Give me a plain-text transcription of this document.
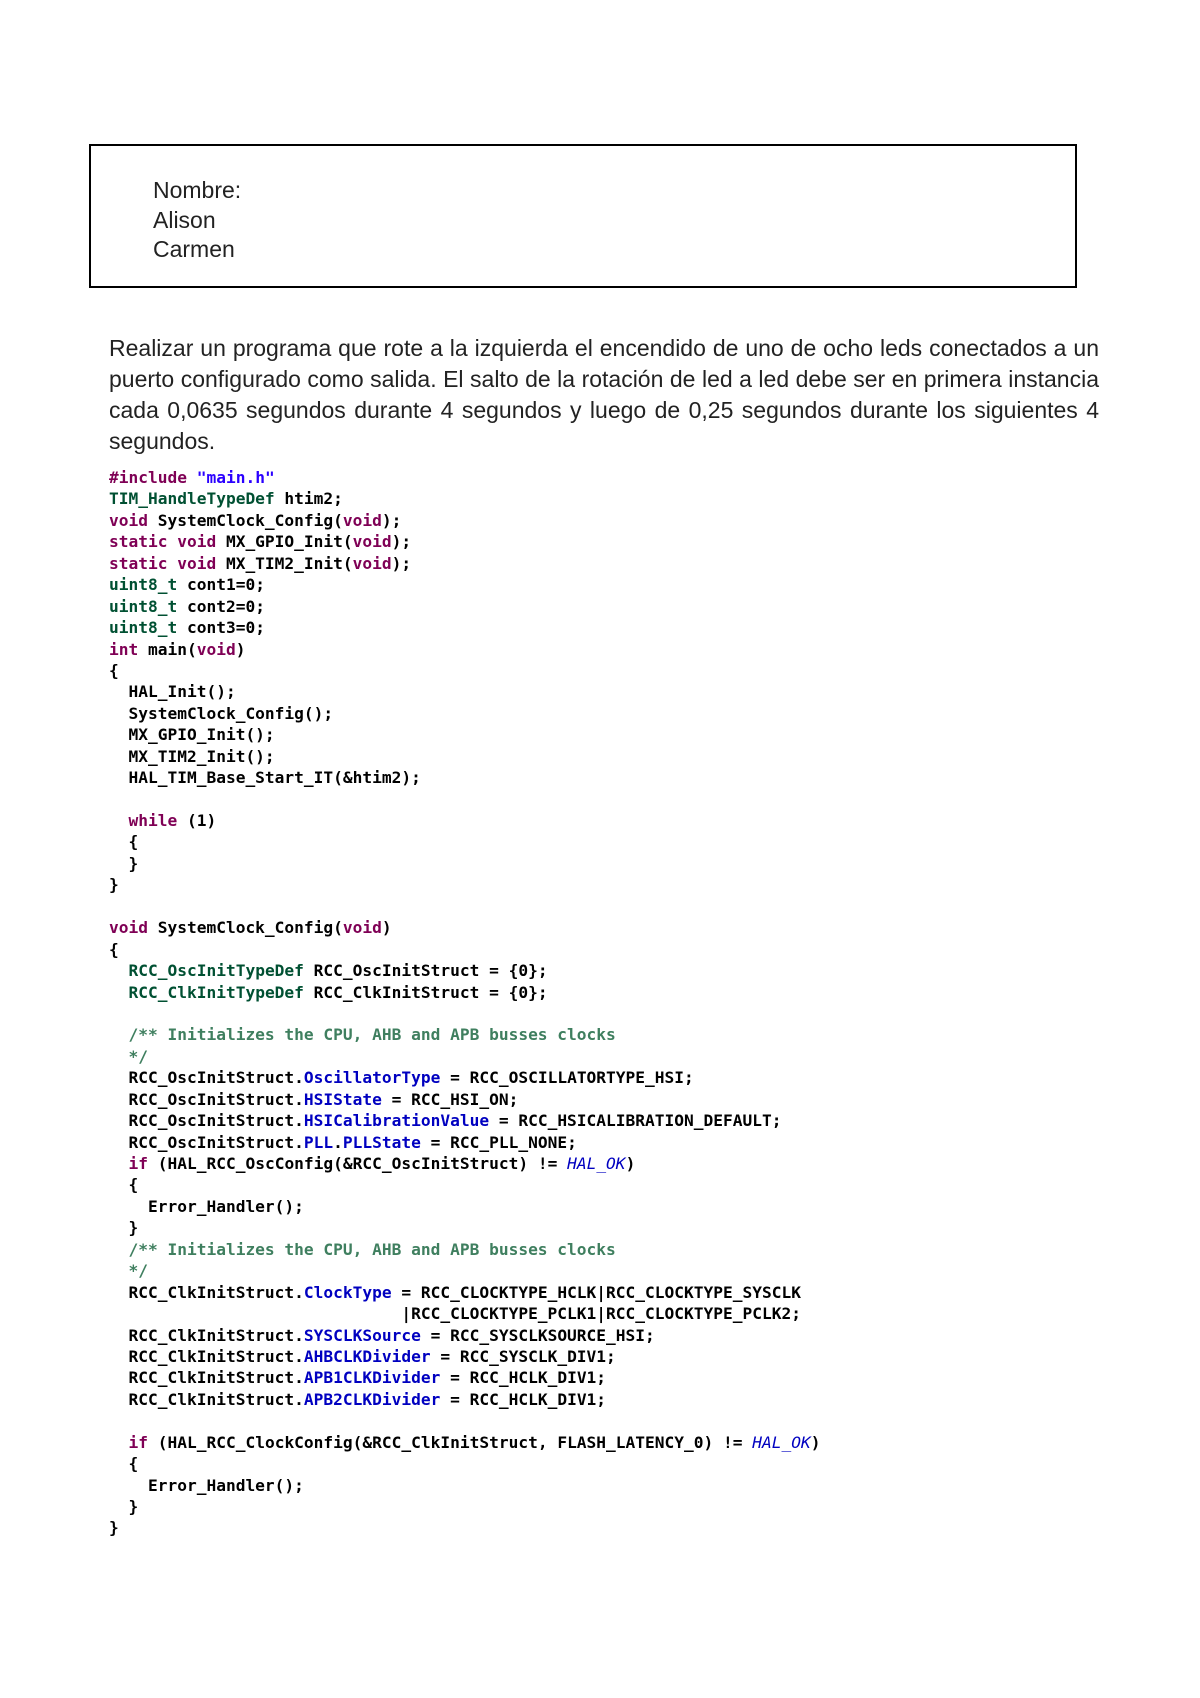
Nombre:
Alison
Carmen
Realizar un programa que rote a la izquierda el encendido de uno de ocho leds conectados a un puerto configurado como salida. El salto de la rotación de led a led debe ser en primera instancia cada 0,0635 segundos durante 4 segundos y luego de 0,25 segundos durante los siguientes 4 segundos.
#include "main.h"
TIM_HandleTypeDef htim2;
void SystemClock_Config(void);
static void MX_GPIO_Init(void);
static void MX_TIM2_Init(void);
uint8_t cont1=0;
uint8_t cont2=0;
uint8_t cont3=0;
int main(void)
{
HAL_Init();
SystemClock_Config();
MX_GPIO_Init();
MX_TIM2_Init();
HAL_TIM_Base_Start_IT(&htim2);

while (1)
{
}
}

void SystemClock_Config(void)
{
RCC_OscInitTypeDef RCC_OscInitStruct = {0};
RCC_ClkInitTypeDef RCC_ClkInitStruct = {0};

/** Initializes the CPU, AHB and APB busses clocks
*/
RCC_OscInitStruct.OscillatorType = RCC_OSCILLATORTYPE_HSI;
RCC_OscInitStruct.HSIState = RCC_HSI_ON;
RCC_OscInitStruct.HSICalibrationValue = RCC_HSICALIBRATION_DEFAULT;
RCC_OscInitStruct.PLL.PLLState = RCC_PLL_NONE;
if (HAL_RCC_OscConfig(&RCC_OscInitStruct) != HAL_OK)
{
Error_Handler();
}
/** Initializes the CPU, AHB and APB busses clocks
*/
RCC_ClkInitStruct.ClockType = RCC_CLOCKTYPE_HCLK|RCC_CLOCKTYPE_SYSCLK
|RCC_CLOCKTYPE_PCLK1|RCC_CLOCKTYPE_PCLK2;
RCC_ClkInitStruct.SYSCLKSource = RCC_SYSCLKSOURCE_HSI;
RCC_ClkInitStruct.AHBCLKDivider = RCC_SYSCLK_DIV1;
RCC_ClkInitStruct.APB1CLKDivider = RCC_HCLK_DIV1;
RCC_ClkInitStruct.APB2CLKDivider = RCC_HCLK_DIV1;

if (HAL_RCC_ClockConfig(&RCC_ClkInitStruct, FLASH_LATENCY_0) != HAL_OK)
{
Error_Handler();
}
}
